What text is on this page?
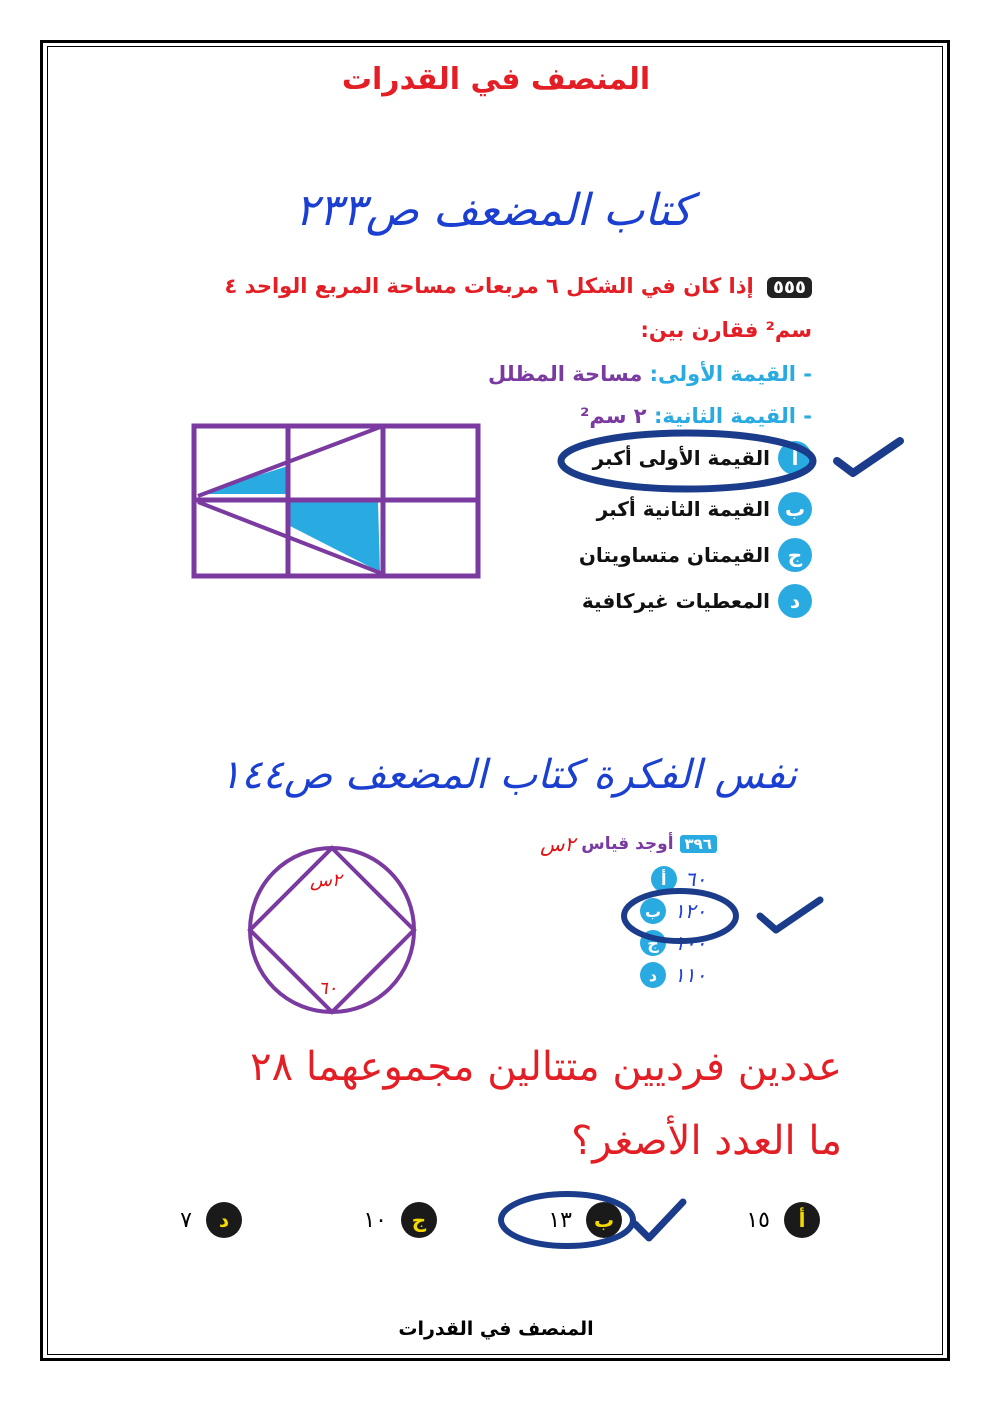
المنصف في القدرات
كتاب المضعف ص٢٣٣
٥٥٥ إذا كان في الشكل ٦ مربعات مساحة المربع الواحد ٤
سم² فقارن بين:
- القيمة الأولى: مساحة المظلل
- القيمة الثانية: ٢ سم²
أ
القيمة الأولى أكبر
ب
القيمة الثانية أكبر
ج
القيمتان متساويتان
د
المعطيات غيركافية
نفس الفكرة كتاب المضعف ص١٤٤
٢س
٦٠
٣٩٦
أوجد قياس
٢س
أ ٦٠
ب ١٢٠
ج ١٠٠
د ١١٠
عددين فرديين متتالين مجموعهما ٢٨
ما العدد الأصغر؟
أ
١٥
ب
١٣
ج
١٠
د
٧
المنصف في القدرات
